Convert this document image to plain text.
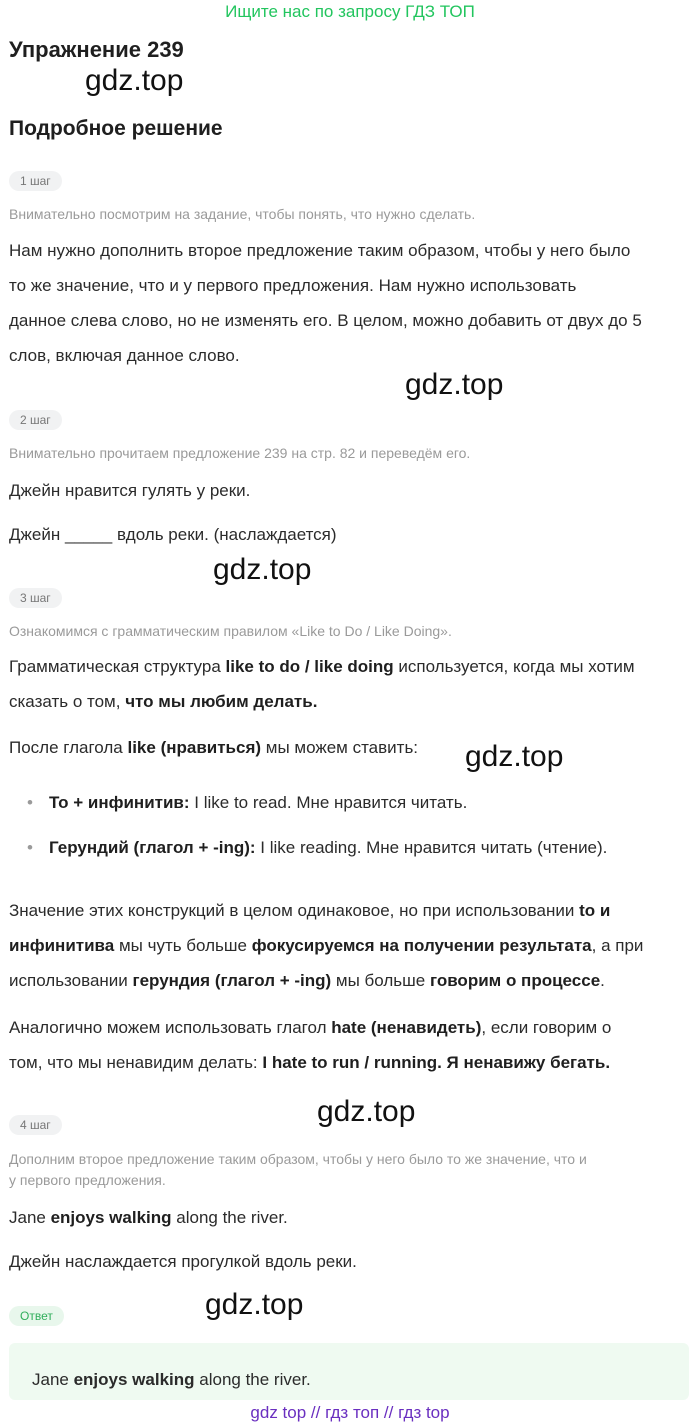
Ищите нас по запросу ГДЗ ТОП
Упражнение 239
gdz.top
Подробное решение
1 шаг
Внимательно посмотрим на задание, чтобы понять, что нужно сделать.
Нам нужно дополнить второе предложение таким образом, чтобы у него было
то же значение, что и у первого предложения. Нам нужно использовать
данное слева слово, но не изменять его. В целом, можно добавить от двух до 5
слов, включая данное слово.
gdz.top
2 шаг
Внимательно прочитаем предложение 239 на стр. 82 и переведём его.
Джейн нравится гулять у реки.
Джейн _____ вдоль реки. (наслаждается)
gdz.top
3 шаг
Ознакомимся с грамматическим правилом «Like to Do / Like Doing».
Грамматическая структура like to do / like doing используется, когда мы хотим
сказать о том, что мы любим делать.
После глагола like (нравиться) мы можем ставить:	gdz.top
• To + инфинитив: I like to read. Мне нравится читать.
• Герундий (глагол + -ing): I like reading. Мне нравится читать (чтение).
Значение этих конструкций в целом одинаковое, но при использовании to и
инфинитива мы чуть больше фокусируемся на получении результата, а при
использовании герундия (глагол + -ing) мы больше говорим о процессе.
Аналогично можем использовать глагол hate (ненавидеть), если говорим о
том, что мы ненавидим делать: I hate to run / running. Я ненавижу бегать.
gdz.top
4 шаг
Дополним второе предложение таким образом, чтобы у него было то же значение, что и
у первого предложения.
Jane enjoys walking along the river.
Джейн наслаждается прогулкой вдоль реки.
gdz.top
Ответ
Jane enjoys walking along the river.
gdz top // гдз топ // гдз top
